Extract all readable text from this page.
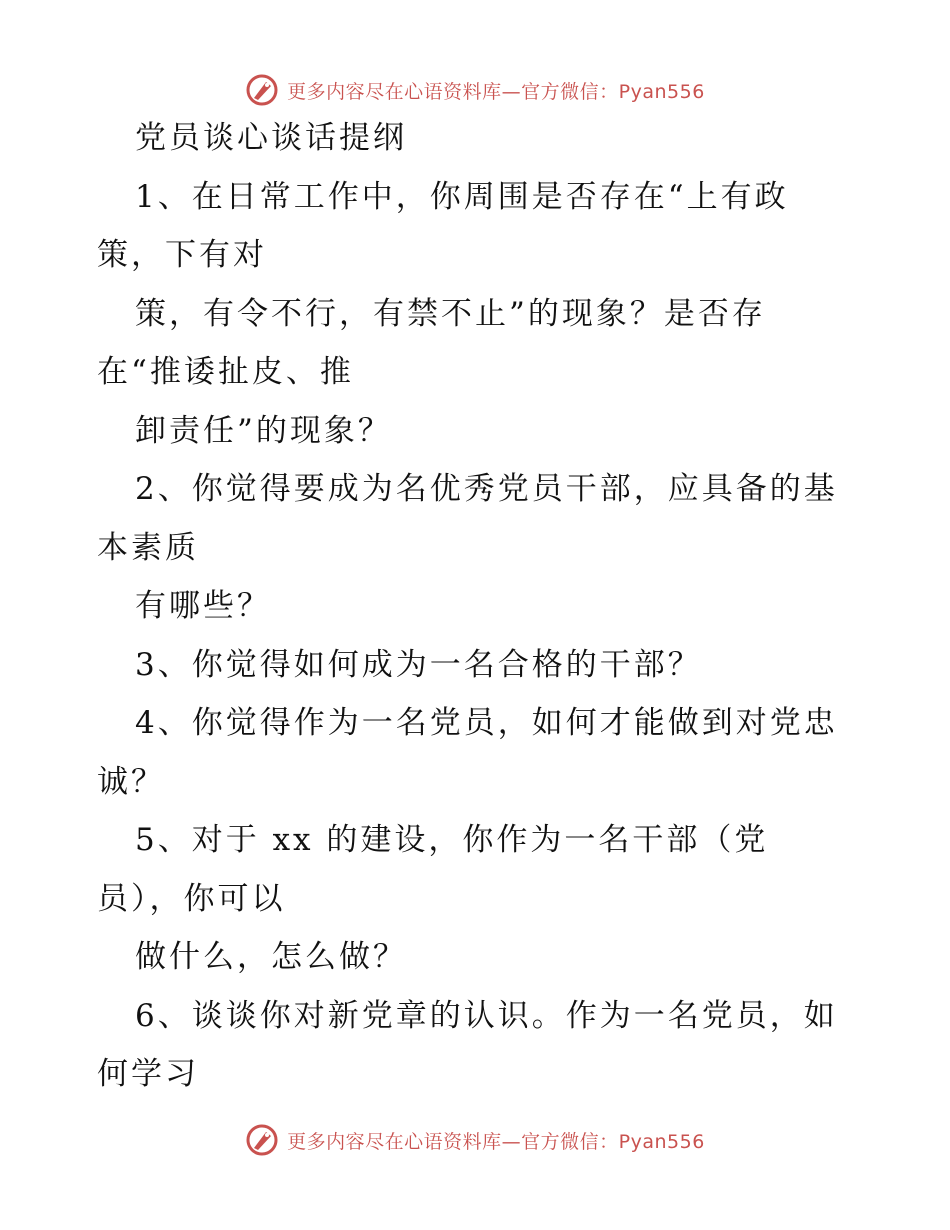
更多内容尽在心语资料库—官方微信：Pyan556
党员谈心谈话提纲
1、在日常工作中，你周围是否存在“上有政
策，下有对
策，有令不行，有禁不止”的现象？是否存
在“推诿扯皮、推
卸责任”的现象？
2、你觉得要成为名优秀党员干部，应具备的基
本素质
有哪些？
3、你觉得如何成为一名合格的干部？
4、你觉得作为一名党员，如何才能做到对党忠
诚？
5、对于 xx 的建设，你作为一名干部（党
员），你可以
做什么，怎么做？
6、谈谈你对新党章的认识。作为一名党员，如
何学习
更多内容尽在心语资料库—官方微信：Pyan556
